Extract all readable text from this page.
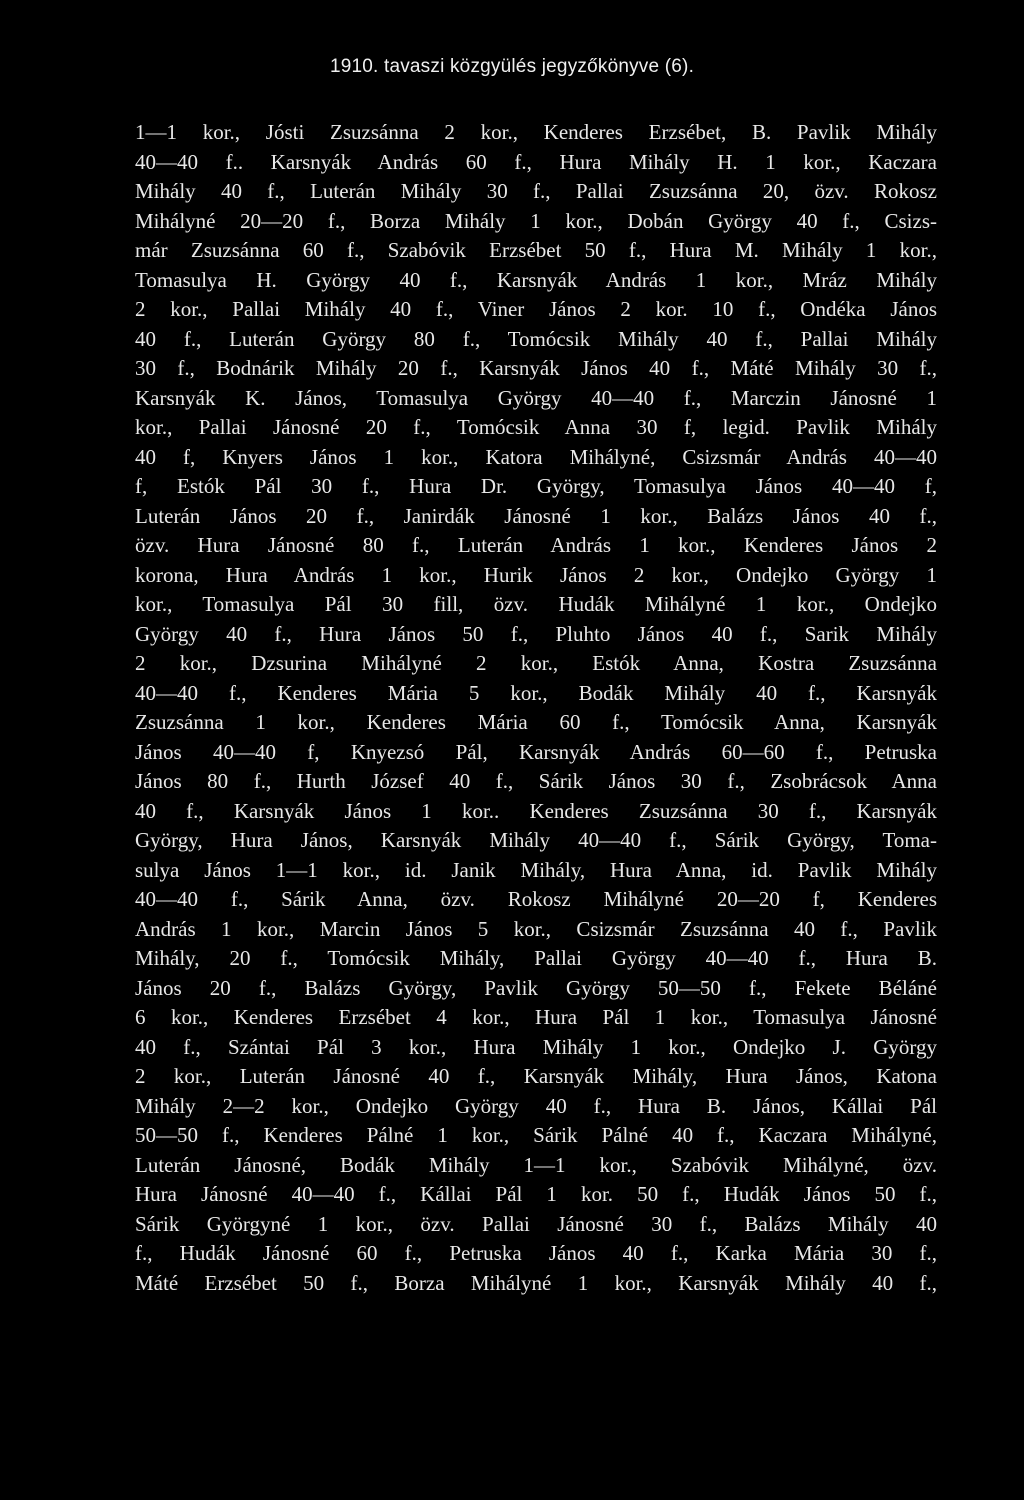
1910. tavaszi közgyülés jegyzőkönyve (6).
1—1 kor., Jósti Zsuzsánna 2 kor., Kenderes Erzsébet, B. Pavlik Mihály
40—40 f.. Karsnyák András 60 f., Hura Mihály H. 1 kor., Kaczara
Mihály 40 f., Luterán Mihály 30 f., Pallai Zsuzsánna 20, özv. Rokosz
Mihályné 20—20 f., Borza Mihály 1 kor., Dobán György 40 f., Csizs-
már Zsuzsánna 60 f., Szabóvik Erzsébet 50 f., Hura M. Mihály 1 kor.,
Tomasulya H. György 40 f., Karsnyák András 1 kor., Mráz Mihály
2 kor., Pallai Mihály 40 f., Viner János 2 kor. 10 f., Ondéka János
40 f., Luterán György 80 f., Tomócsik Mihály 40 f., Pallai Mihály
30 f., Bodnárik Mihály 20 f., Karsnyák János 40 f., Máté Mihály 30 f.,
Karsnyák K. János, Tomasulya György 40—40 f., Marczin Jánosné 1
kor., Pallai Jánosné 20 f., Tomócsik Anna 30 f, legid. Pavlik Mihály
40 f, Knyers János 1 kor., Katora Mihályné, Csizsmár András 40—40
f, Estók Pál 30 f., Hura Dr. György, Tomasulya János 40—40 f,
Luterán János 20 f., Janirdák Jánosné 1 kor., Balázs János 40 f.,
özv. Hura Jánosné 80 f., Luterán András 1 kor., Kenderes János 2
korona, Hura András 1 kor., Hurik János 2 kor., Ondejko György 1
kor., Tomasulya Pál 30 fill, özv. Hudák Mihályné 1 kor., Ondejko
György 40 f., Hura János 50 f., Pluhto János 40 f., Sarik Mihály
2 kor., Dzsurina Mihályné 2 kor., Estók Anna, Kostra Zsuzsánna
40—40 f., Kenderes Mária 5 kor., Bodák Mihály 40 f., Karsnyák
Zsuzsánna 1 kor., Kenderes Mária 60 f., Tomócsik Anna, Karsnyák
János 40—40 f, Knyezsó Pál, Karsnyák András 60—60 f., Petruska
János 80 f., Hurth József 40 f., Sárik János 30 f., Zsobrácsok Anna
40 f., Karsnyák János 1 kor.. Kenderes Zsuzsánna 30 f., Karsnyák
György, Hura János, Karsnyák Mihály 40—40 f., Sárik György, Toma-
sulya János 1—1 kor., id. Janik Mihály, Hura Anna, id. Pavlik Mihály
40—40 f., Sárik Anna, özv. Rokosz Mihályné 20—20 f, Kenderes
András 1 kor., Marcin János 5 kor., Csizsmár Zsuzsánna 40 f., Pavlik
Mihály, 20 f., Tomócsik Mihály, Pallai György 40—40 f., Hura B.
János 20 f., Balázs György, Pavlik György 50—50 f., Fekete Béláné
6 kor., Kenderes Erzsébet 4 kor., Hura Pál 1 kor., Tomasulya Jánosné
40 f., Szántai Pál 3 kor., Hura Mihály 1 kor., Ondejko J. György
2 kor., Luterán Jánosné 40 f., Karsnyák Mihály, Hura János, Katona
Mihály 2—2 kor., Ondejko György 40 f., Hura B. János, Kállai Pál
50—50 f., Kenderes Pálné 1 kor., Sárik Pálné 40 f., Kaczara Mihályné,
Luterán Jánosné, Bodák Mihály 1—1 kor., Szabóvik Mihályné, özv.
Hura Jánosné 40—40 f., Kállai Pál 1 kor. 50 f., Hudák János 50 f.,
Sárik Györgyné 1 kor., özv. Pallai Jánosné 30 f., Balázs Mihály 40
f., Hudák Jánosné 60 f., Petruska János 40 f., Karka Mária 30 f.,
Máté Erzsébet 50 f., Borza Mihályné 1 kor., Karsnyák Mihály 40 f.,
